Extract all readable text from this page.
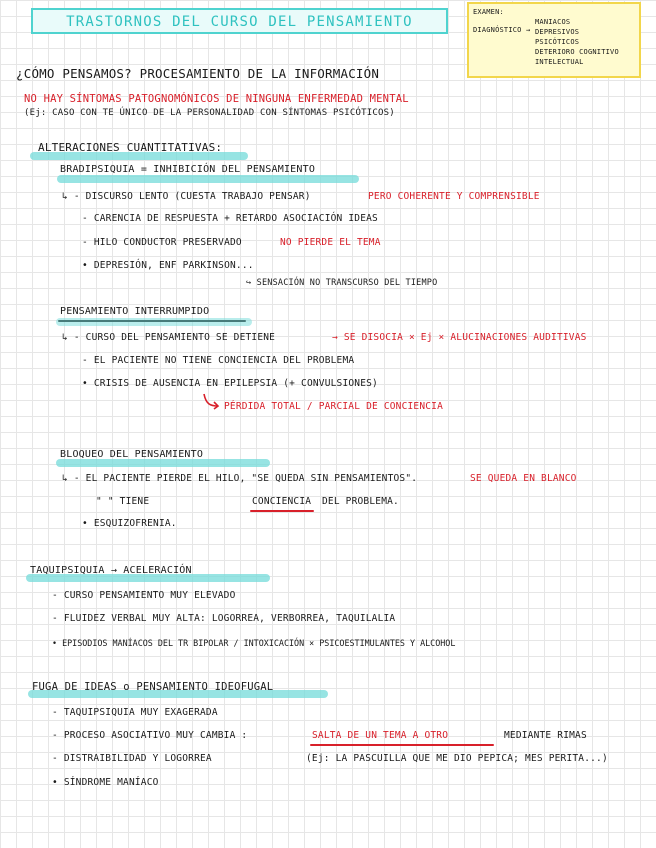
TRASTORNOS DEL CURSO DEL PENSAMIENTO
EXAMEN:
DIAGNÓSTICO →
MANIACOS
DEPRESIVOS
PSICÓTICOS
DETERIORO COGNITIVO
INTELECTUAL
¿CÓMO PENSAMOS? PROCESAMIENTO DE LA INFORMACIÓN
NO HAY SÍNTOMAS PATOGNOMÓNICOS DE NINGUNA ENFERMEDAD MENTAL
(Ej: CASO CON TE ÚNICO DE LA PERSONALIDAD CON SÍNTOMAS PSICÓTICOS)
ALTERACIONES CUANTITATIVAS:
BRADIPSIQUIA = INHIBICIÓN DEL PENSAMIENTO
↳ - DISCURSO LENTO (CUESTA TRABAJO PENSAR)	PERO COHERENTE Y COMPRENSIBLE
- CARENCIA DE RESPUESTA + RETARDO ASOCIACIÓN IDEAS
- HILO CONDUCTOR PRESERVADO	NO PIERDE EL TEMA
• DEPRESIÓN, ENF PARKINSON...
↪ SENSACIÓN NO TRANSCURSO DEL TIEMPO
PENSAMIENTO INTERRUMPIDO
↳ - CURSO DEL PENSAMIENTO SE DETIENE	→ SE DISOCIA × Ej × ALUCINACIONES AUDITIVAS
- EL PACIENTE NO TIENE CONCIENCIA DEL PROBLEMA
• CRISIS DE AUSENCIA EN EPILEPSIA (+ CONVULSIONES)
PÉRDIDA TOTAL / PARCIAL DE CONCIENCIA
BLOQUEO DEL PENSAMIENTO
↳ - EL PACIENTE PIERDE EL HILO, "SE QUEDA SIN PENSAMIENTOS".	SE QUEDA EN BLANCO
" " TIENE	CONCIENCIA DEL PROBLEMA.
• ESQUIZOFRENIA.
TAQUIPSIQUIA → ACELERACIÓN
- CURSO PENSAMIENTO MUY ELEVADO
- FLUIDEZ VERBAL MUY ALTA: LOGORREA, VERBORREA, TAQUILALIA
• EPISODIOS MANÍACOS DEL TR BIPOLAR / INTOXICACIÓN × PSICOESTIMULANTES Y ALCOHOL
FUGA DE IDEAS o PENSAMIENTO IDEOFUGAL
- TAQUIPSIQUIA MUY EXAGERADA
- PROCESO ASOCIATIVO MUY CAMBIA :	SALTA DE UN TEMA A OTRO	MEDIANTE RIMAS
- DISTRAIBILIDAD Y LOGORREA	(Ej: LA PASCUILLA QUE ME DIO PEPICA; MES PERITA...)
• SÍNDROME MANÍACO
